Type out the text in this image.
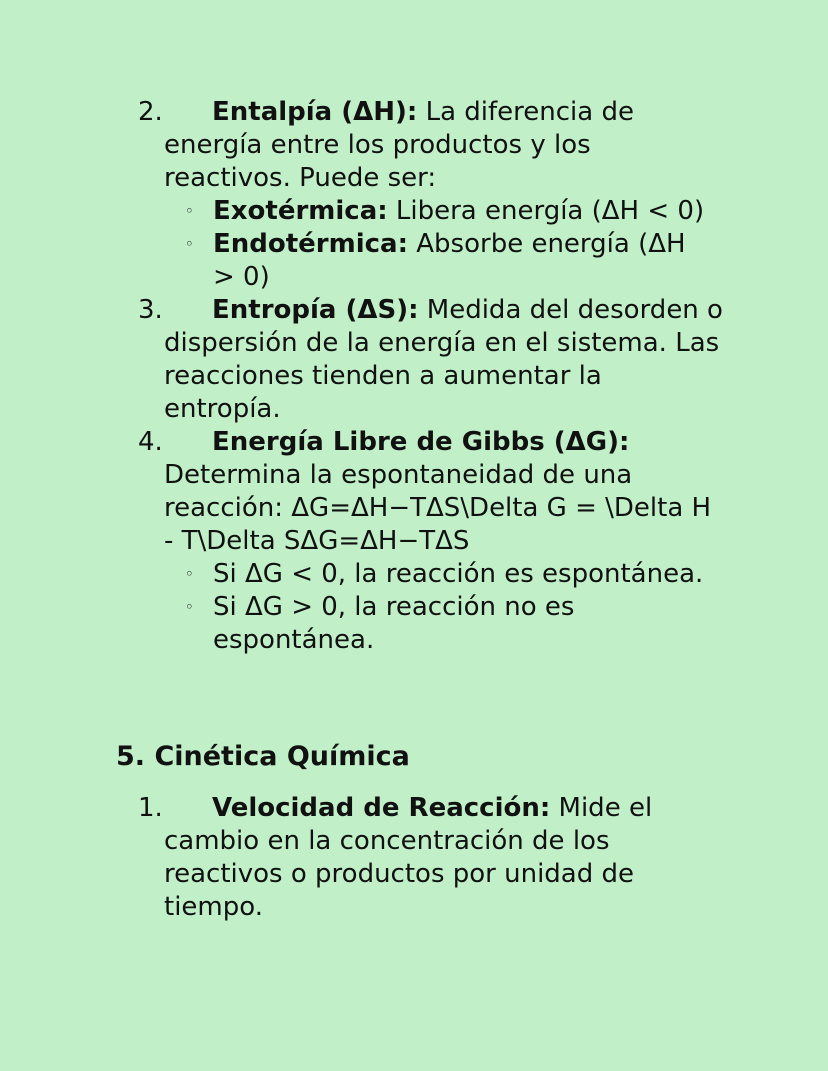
2.	Entalpía (ΔH): La diferencia de energía entre los productos y los reactivos. Puede ser:
◦ Exotérmica: Libera energía (ΔH < 0)
◦ Endotérmica: Absorbe energía (ΔH > 0)
3.	Entropía (ΔS): Medida del desorden o dispersión de la energía en el sistema. Las reacciones tienden a aumentar la entropía.
4.	Energía Libre de Gibbs (ΔG): Determina la espontaneidad de una reacción: ΔG=ΔH−TΔS\Delta G = \Delta H - T\Delta SΔG=ΔH−TΔS
◦ Si ΔG < 0, la reacción es espontánea.
◦ Si ΔG > 0, la reacción no es espontánea.
5. Cinética Química
1.	Velocidad de Reacción: Mide el cambio en la concentración de los reactivos o productos por unidad de tiempo.
